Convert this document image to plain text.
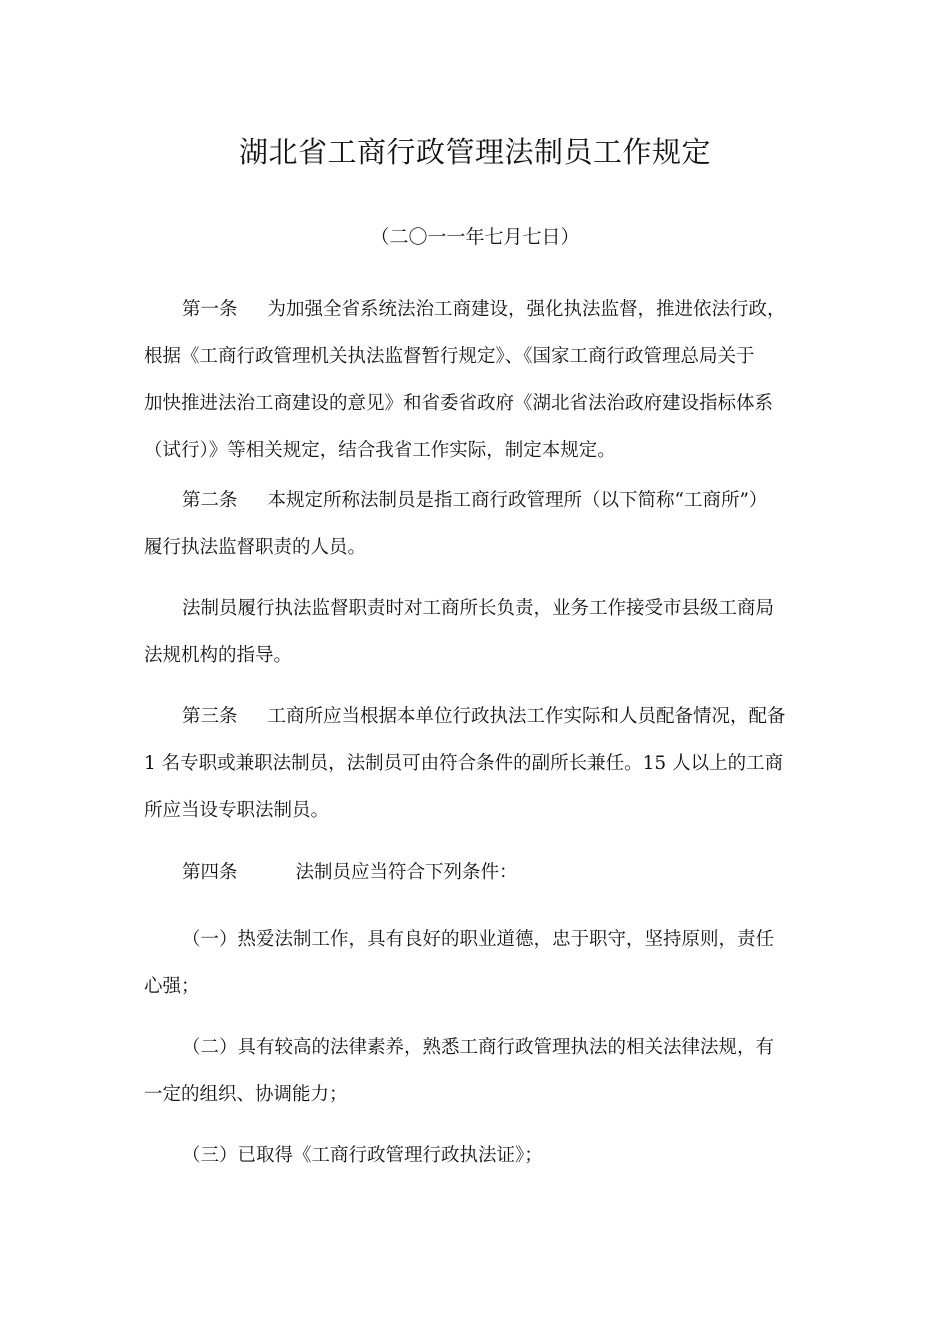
湖北省工商行政管理法制员工作规定
（二〇一一年七月七日）
第一条 为加强全省系统法治工商建设，强化执法监督，推进依法行政，
根据《工商行政管理机关执法监督暂行规定》、《国家工商行政管理总局关于
加快推进法治工商建设的意见》和省委省政府《湖北省法治政府建设指标体系
（试行）》等相关规定，结合我省工作实际，制定本规定。
第二条 本规定所称法制员是指工商行政管理所（以下简称“工商所”）
履行执法监督职责的人员。
法制员履行执法监督职责时对工商所长负责，业务工作接受市县级工商局
法规机构的指导。
第三条 工商所应当根据本单位行政执法工作实际和人员配备情况，配备
1 名专职或兼职法制员，法制员可由符合条件的副所长兼任。15 人以上的工商
所应当设专职法制员。
第四条	法制员应当符合下列条件：
（一）热爱法制工作，具有良好的职业道德，忠于职守，坚持原则，责任
心强；
（二）具有较高的法律素养，熟悉工商行政管理执法的相关法律法规，有
一定的组织、协调能力；
（三）已取得《工商行政管理行政执法证》；
